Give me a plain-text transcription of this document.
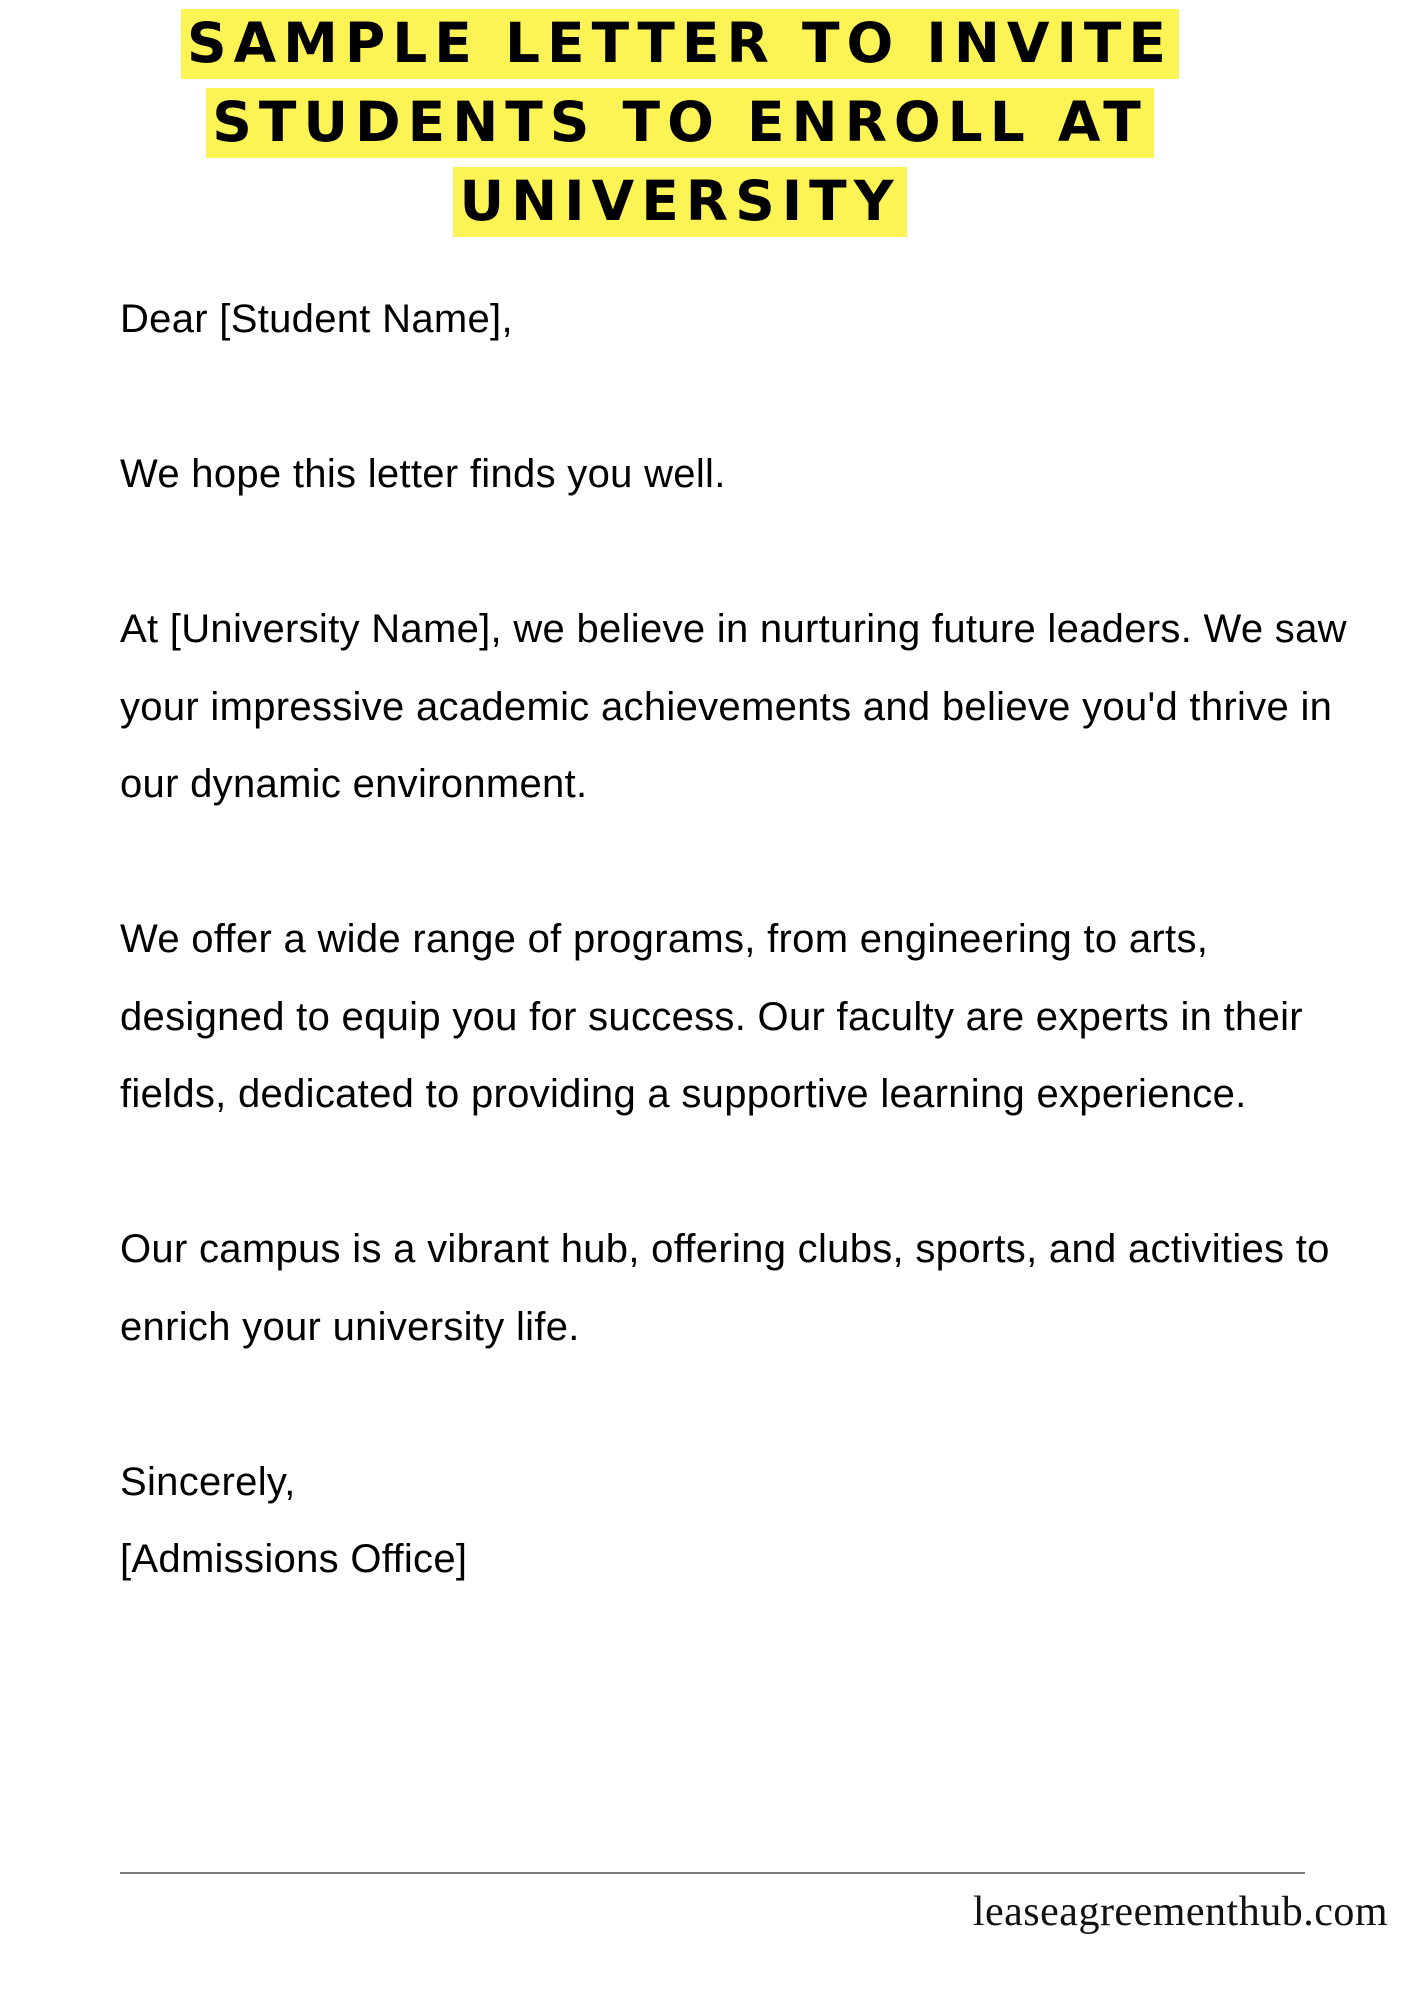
SAMPLE LETTER TO INVITE STUDENTS TO ENROLL AT UNIVERSITY

Dear [Student Name],

We hope this letter finds you well.

At [University Name], we believe in nurturing future leaders. We saw your impressive academic achievements and believe you'd thrive in our dynamic environment.

We offer a wide range of programs, from engineering to arts, designed to equip you for success. Our faculty are experts in their fields, dedicated to providing a supportive learning experience.

Our campus is a vibrant hub, offering clubs, sports, and activities to enrich your university life.

Sincerely,
[Admissions Office]

leaseagreementhub.com
